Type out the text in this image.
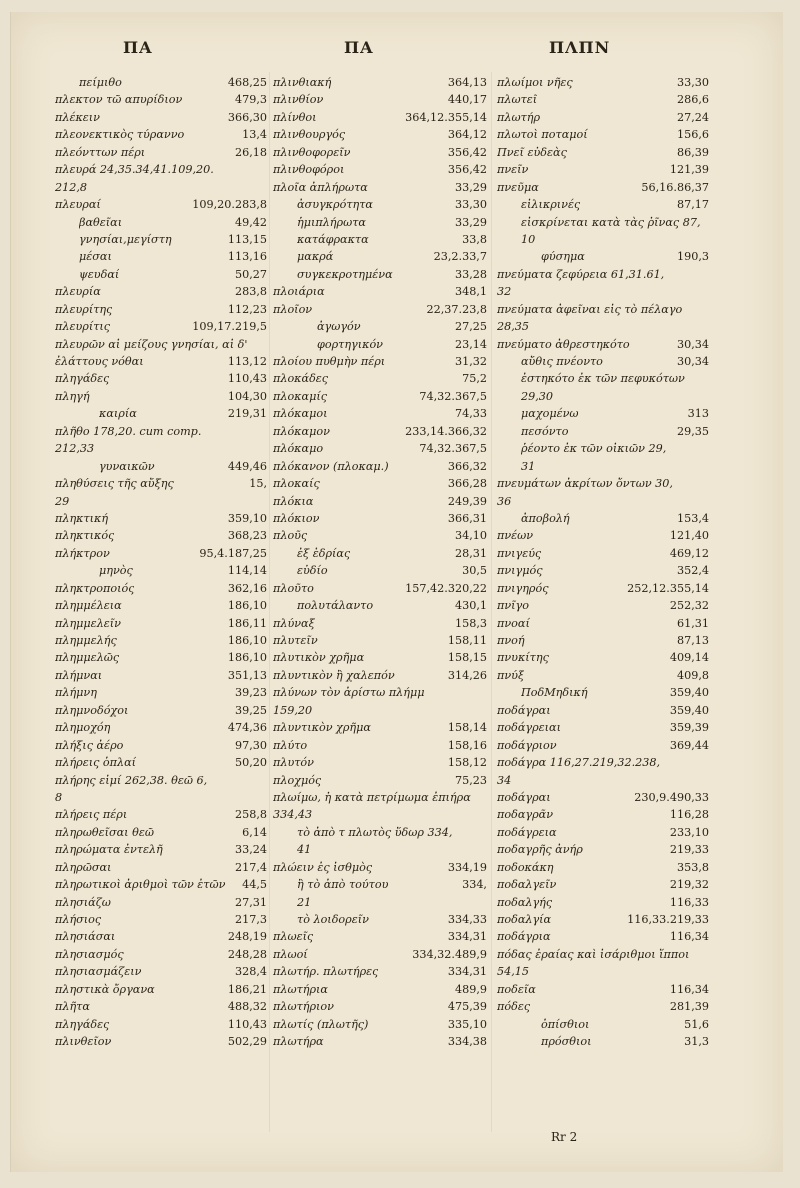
ΠΑ	ΠΑ	ΠΛΠΝ
πείμιθο	468,25
πλεκτον τῶ απυρίδιον	479,3
πλέκειν	366,30
πλεονεκτικὸς τύραννο	13,4
πλεόνττων πέρι	26,18
πλευρά 24,35.34,41.109,20.
212,8
πλευραί	109,20.283,8
βαθεῖαι	49,42
γνησίαι,μεγίστη	113,15
μέσαι	113,16
ψευδαί	50,27
πλευρία	283,8
πλευρίτης	112,23
πλευρίτις	109,17.219,5
πλευρῶν αἱ μείζους γνησίαι, αἱ δ'
ἐλάττους νόθαι	113,12
πληγάδες	110,43
πληγή	104,30
καιρία	219,31
πλῆθο 178,20. cum comp.
212,33
γυναικῶν	449,46
πληθύσεις τῆς αὔξης	15,
29
πληκτική	359,10
πληκτικός	368,23
πλήκτρον	95,4.187,25
μηνὸς	114,14
πληκτροποιός	362,16
πλημμέλεια	186,10
πλημμελεῖν	186,11
πλημμελής	186,10
πλημμελῶς	186,10
πλήμναι	351,13
πλήμνη	39,23
πλημνοδόχοι	39,25
πλημοχόη	474,36
πλήξις ἀέρο	97,30
πλήρεις ὁπλαί	50,20
πλήρης εἰμί 262,38. θεῶ 6,
8
πλήρεις πέρι	258,8
πληρωθεῖσαι θεῶ	6,14
πληρώματα ἐντελῆ	33,24
πληρῶσαι	217,4
πληρωτικοὶ ἀριθμοὶ τῶν ἐτῶν 44,5
πλησιάζω	27,31
πλήσιος	217,3
πλησιάσαι	248,19
πλησιασμός	248,28
πλησιασμάζειν	328,4
πληστικὰ ὄργανα	186,21
πλῆτα	488,32
πληγάδες	110,43
πλινθεῖον	502,29
πλινθιακή	364,13
πλινθίον	440,17
πλίνθοι	364,12.355,14
πλινθουργός	364,12
πλινθοφορεῖν	356,42
πλινθοφόροι	356,42
πλοῖα ἀπλήρωτα	33,29
ἀσυγκρότητα	33,30
ἡμιπλήρωτα	33,29
κατάφρακτα	33,8
μακρά	23,2.33,7
συγκεκροτημένα	33,28
πλοιάρια	348,1
πλοῖον	22,37.23,8
ἀγωγόν	27,25
φορτηγικόν	23,14
πλοίου πυθμὴν πέρι	31,32
πλοκάδες	75,2
πλοκαμίς	74,32.367,5
πλόκαμοι	74,33
πλόκαμον	233,14.366,32
πλόκαμο	74,32.367,5
πλόκανον (πλοκαμ.)	366,32
πλοκαίς	366,28
πλόκια	249,39
πλόκιον	366,31
πλοῦς	34,10
ἐξ ἑδρίας	28,31
εὐδίο	30,5
πλοῦτο	157,42.320,22
πολυτάλαντο	430,1
πλύναξ	158,3
πλυτεῖν	158,11
πλυτικὸν χρῆμα	158,15
πλυντικὸν ἢ χαλεπόν	314,26
πλύνων τὸν ἀρίστω πλήμμ
159,20
πλυντικὸν χρῆμα	158,14
πλύτο	158,16
πλυτόν	158,12
πλοχμός	75,23
πλωίμω, ἡ κατὰ πετρίμωμα ἐπιήρα
334,43
τὸ ἀπὸ τ πλωτὸς ὕδωρ 334,
41
πλώειν ἐς ἰσθμὸς	334,19
ἢ τὸ ἀπὸ τούτου	334,
21
τὸ λοιδορεῖν	334,33
πλωεῖς	334,31
πλωοί	334,32.489,9
πλωτήρ. πλωτήρες	334,31
πλωτήρια	489,9
πλωτήριον	475,39
πλωτίς (πλωτῆς)	335,10
πλωτήρα	334,38
πλωίμοι νῆες	33,30
πλωτεῖ	286,6
πλωτήρ	27,24
πλωτοὶ ποταμοί	156,6
Πνεῖ εὐδεὰς	86,39
πνεῖν	121,39
πνεῦμα	56,16.86,37
εἰλικρινές	87,17
εἰσκρίνεται κατὰ τὰς ῥῖνας 87,
10
φύσημα	190,3
πνεύματα ζεφύρεια 61,31.61,
32
πνεύματα ἀφεῖναι εἰς τὸ πέλαγο
28,35
πνεύματο ἀθρεστηκότο	30,34
αὔθις πνέοντο	30,34
ἐστηκότο ἐκ τῶν πεφυκότων
29,30
μαχομένω	313
πεσόντο	29,35
ῥέοντο ἐκ τῶν οἰκιῶν 29,
31
πνευμάτων ἀκρίτων ὄντων 30,
36
ἀποβολή	153,4
πνέων	121,40
πνιγεύς	469,12
πνιγμός	352,4
πνιγηρός	252,12.355,14
πνῖγο	252,32
πνοαί	61,31
πνοή	87,13
πνυκίτης	409,14
πνύξ	409,8
ΠοδΜηδική	359,40
ποδάγραι	359,40
ποδάγρειαι	359,39
ποδάγριον	369,44
ποδάγρα 116,27.219,32.238,
34
ποδάγραι	230,9.490,33
ποδαγρᾶν	116,28
ποδάγρεια	233,10
ποδαγρῆς ἀνήρ	219,33
ποδοκάκη	353,8
ποδαλγεῖν	219,32
ποδαλγής	116,33
ποδαλγία	116,33.219,33
ποδάγρια	116,34
πόδας ἐραίας καὶ ἰσάριθμοι ἵπποι
54,15
ποδεῖα	116,34
πόδες	281,39
ὀπίσθιοι	51,6
πρόσθιοι	31,3
Rr 2
